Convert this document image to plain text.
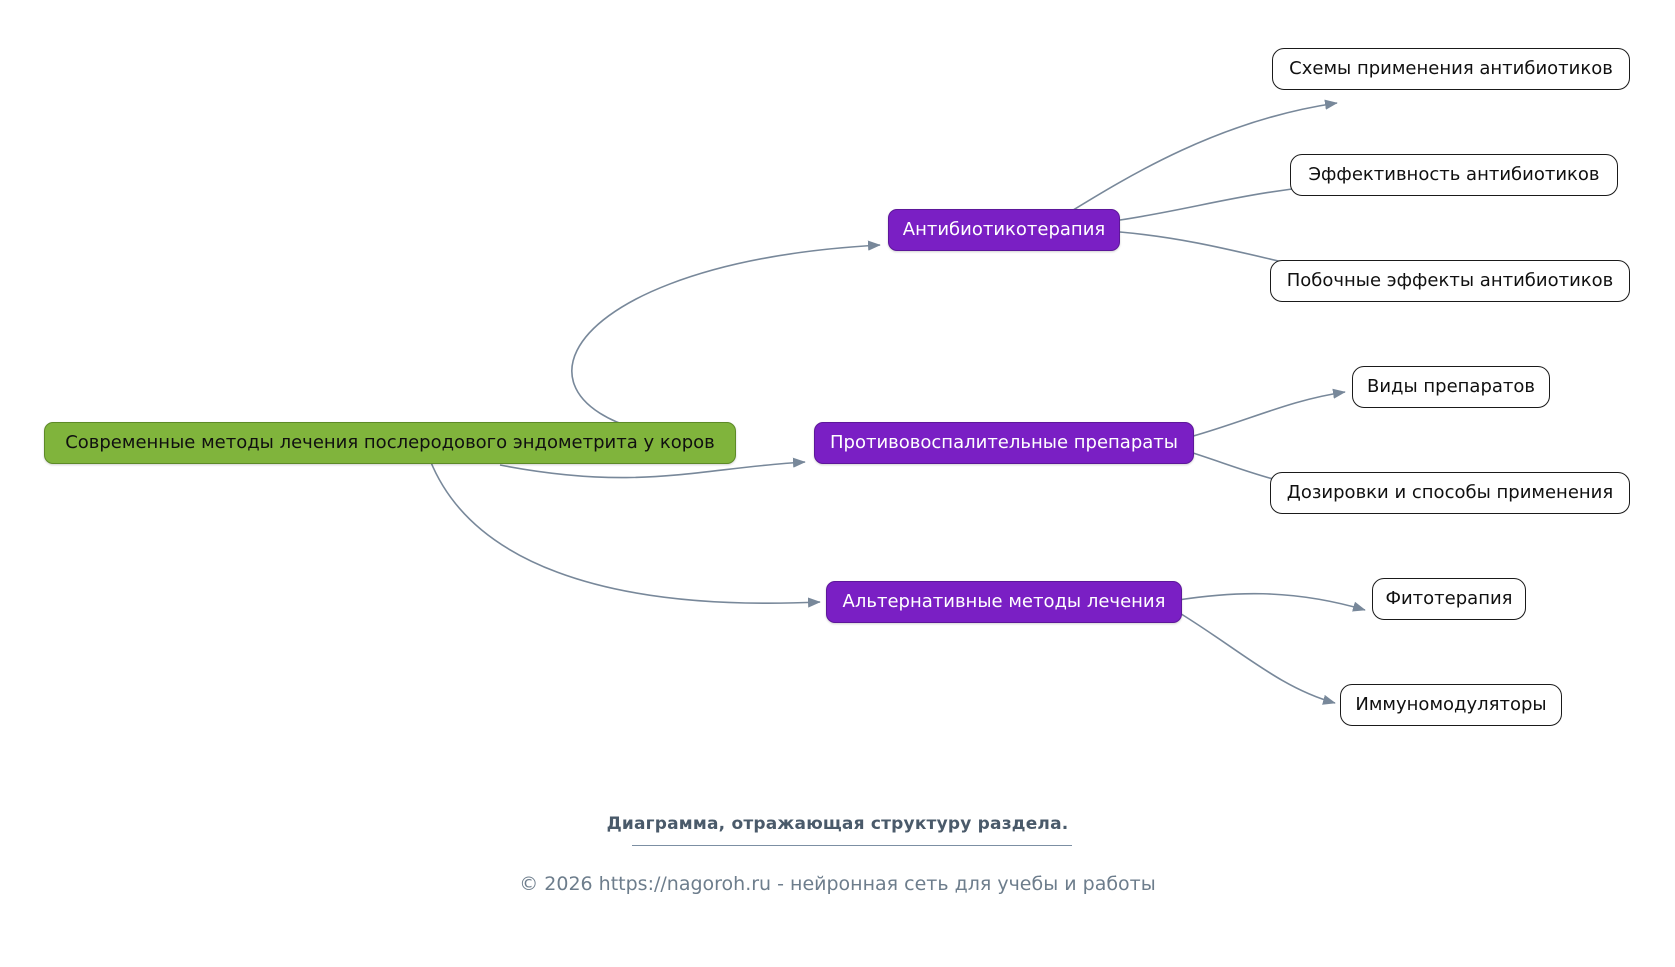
Современные методы лечения послеродового эндометрита у коров
Антибиотикотерапия
Противовоспалительные препараты
Альтернативные методы лечения
Схемы применения антибиотиков
Эффективность антибиотиков
Побочные эффекты антибиотиков
Виды препаратов
Дозировки и способы применения
Фитотерапия
Иммуномодуляторы
Диаграмма, отражающая структуру раздела.
© 2026 https://nagoroh.ru - нейронная сеть для учебы и работы
